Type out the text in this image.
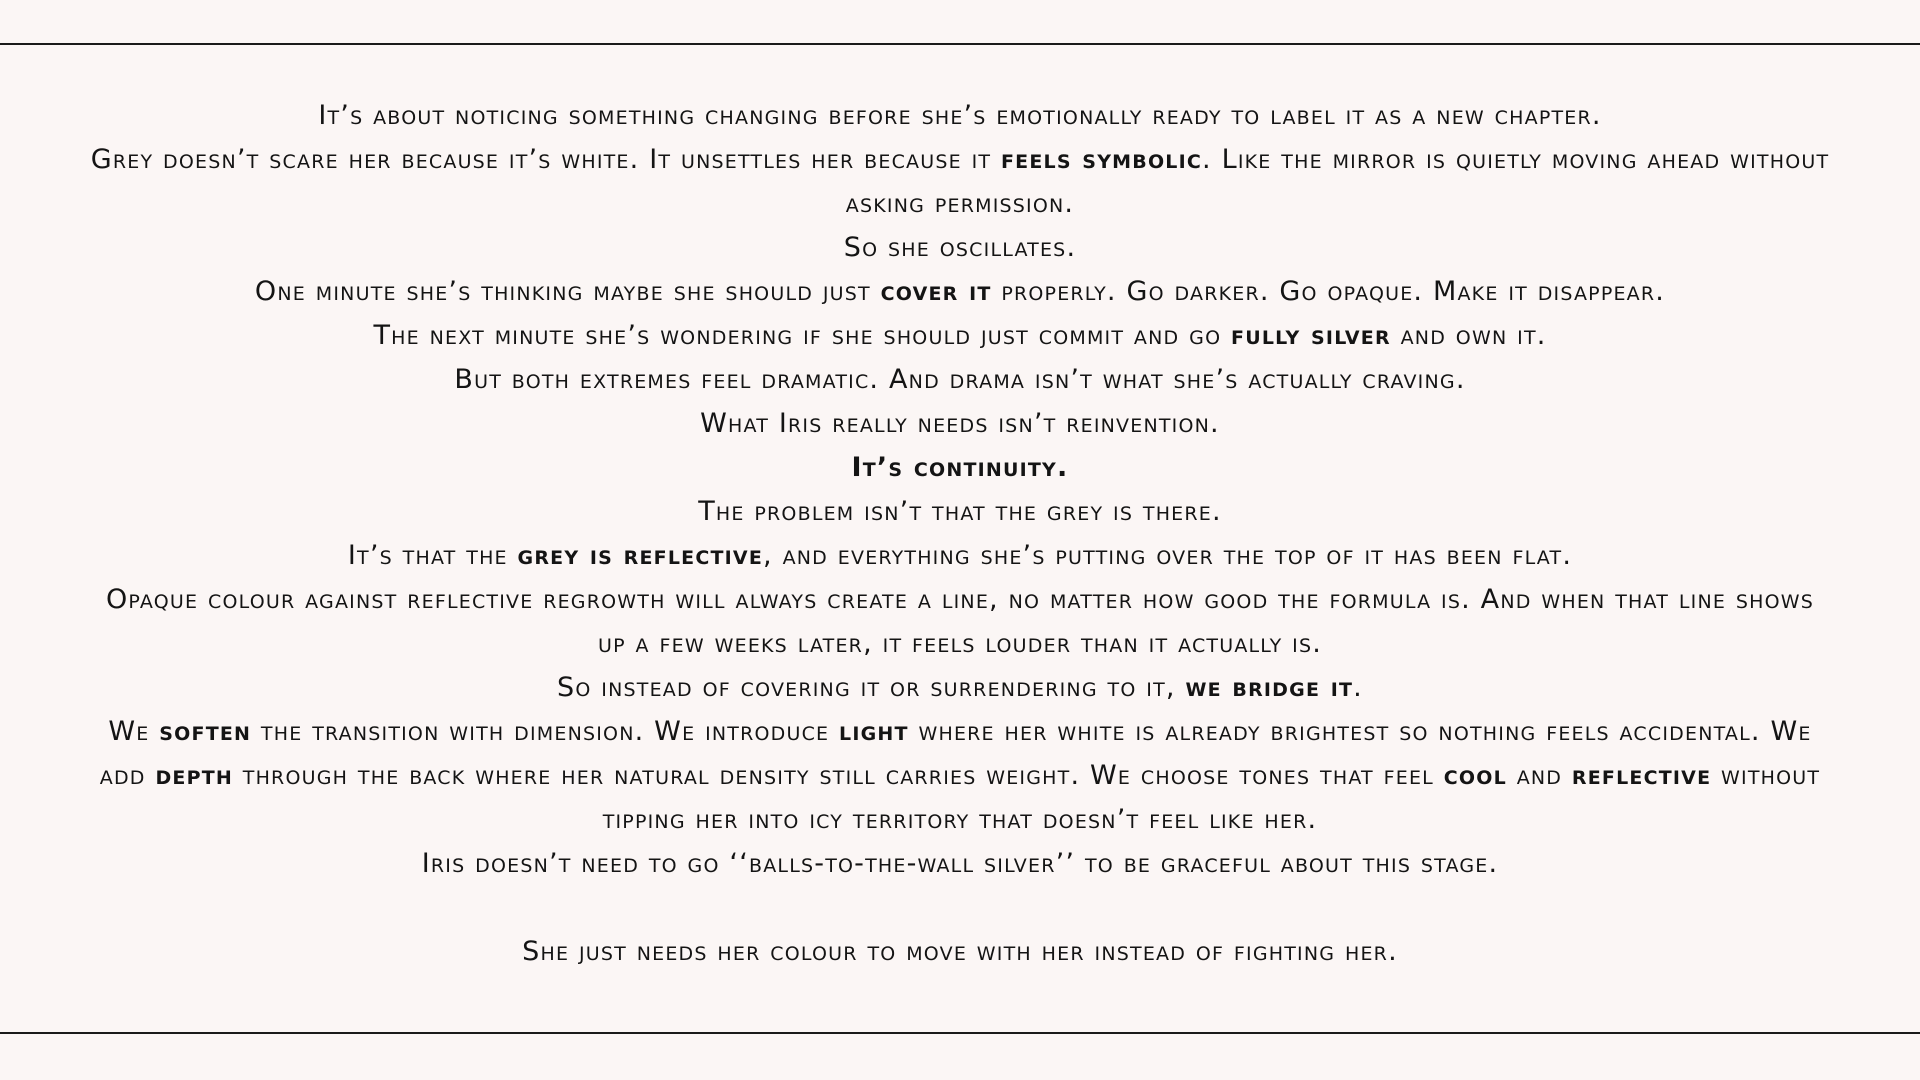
It’s about noticing something changing before she’s emotionally ready to label it as a new chapter.

Grey doesn’t scare her because it’s white. It unsettles her because it feels symbolic. Like the mirror is quietly moving ahead without asking permission.

So she oscillates.

One minute she’s thinking maybe she should just cover it properly. Go darker. Go opaque. Make it disappear.

The next minute she’s wondering if she should just commit and go fully silver and own it.

But both extremes feel dramatic. And drama isn’t what she’s actually craving.

What Iris really needs isn’t reinvention.

It’s continuity.

The problem isn’t that the grey is there.

It’s that the grey is reflective, and everything she’s putting over the top of it has been flat.

Opaque colour against reflective regrowth will always create a line, no matter how good the formula is. And when that line shows up a few weeks later, it feels louder than it actually is.

So instead of covering it or surrendering to it, we bridge it.

We soften the transition with dimension. We introduce light where her white is already brightest so nothing feels accidental. We add depth through the back where her natural density still carries weight. We choose tones that feel cool and reflective without tipping her into icy territory that doesn’t feel like her.

Iris doesn’t need to go ‘‘balls-to-the-wall silver’’ to be graceful about this stage.

She just needs her colour to move with her instead of fighting her.
